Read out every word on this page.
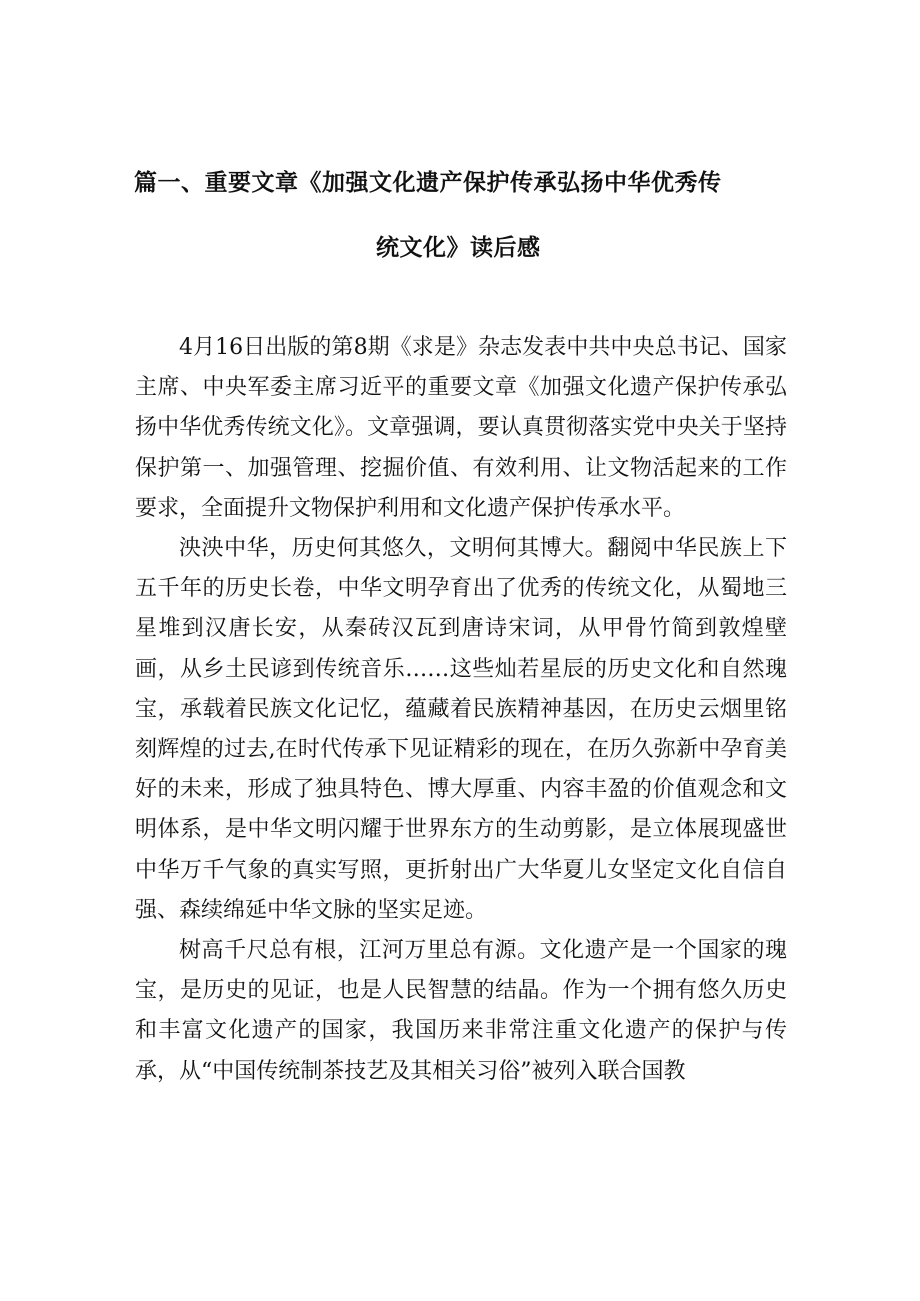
篇一、重要文章《加强文化遗产保护传承弘扬中华优秀传
统文化》读后感

4月16日出版的第8期《求是》杂志发表中共中央总书记、国家主席、中央军委主席习近平的重要文章《加强文化遗产保护传承弘扬中华优秀传统文化》。文章强调，要认真贯彻落实党中央关于坚持保护第一、加强管理、挖掘价值、有效利用、让文物活起来的工作要求，全面提升文物保护利用和文化遗产保护传承水平。

泱泱中华，历史何其悠久，文明何其博大。翻阅中华民族上下五千年的历史长卷，中华文明孕育出了优秀的传统文化，从蜀地三星堆到汉唐长安，从秦砖汉瓦到唐诗宋词，从甲骨竹简到敦煌壁画，从乡土民谚到传统音乐……这些灿若星辰的历史文化和自然瑰宝，承载着民族文化记忆，蕴藏着民族精神基因，在历史云烟里铭刻辉煌的过去,在时代传承下见证精彩的现在，在历久弥新中孕育美好的未来，形成了独具特色、博大厚重、内容丰盈的价值观念和文明体系，是中华文明闪耀于世界东方的生动剪影，是立体展现盛世中华万千气象的真实写照，更折射出广大华夏儿女坚定文化自信自强、森续绵延中华文脉的坚实足迹。

树高千尺总有根，江河万里总有源。文化遗产是一个国家的瑰宝，是历史的见证，也是人民智慧的结晶。作为一个拥有悠久历史和丰富文化遗产的国家，我国历来非常注重文化遗产的保护与传承，从“中国传统制茶技艺及其相关习俗”被列入联合国教
